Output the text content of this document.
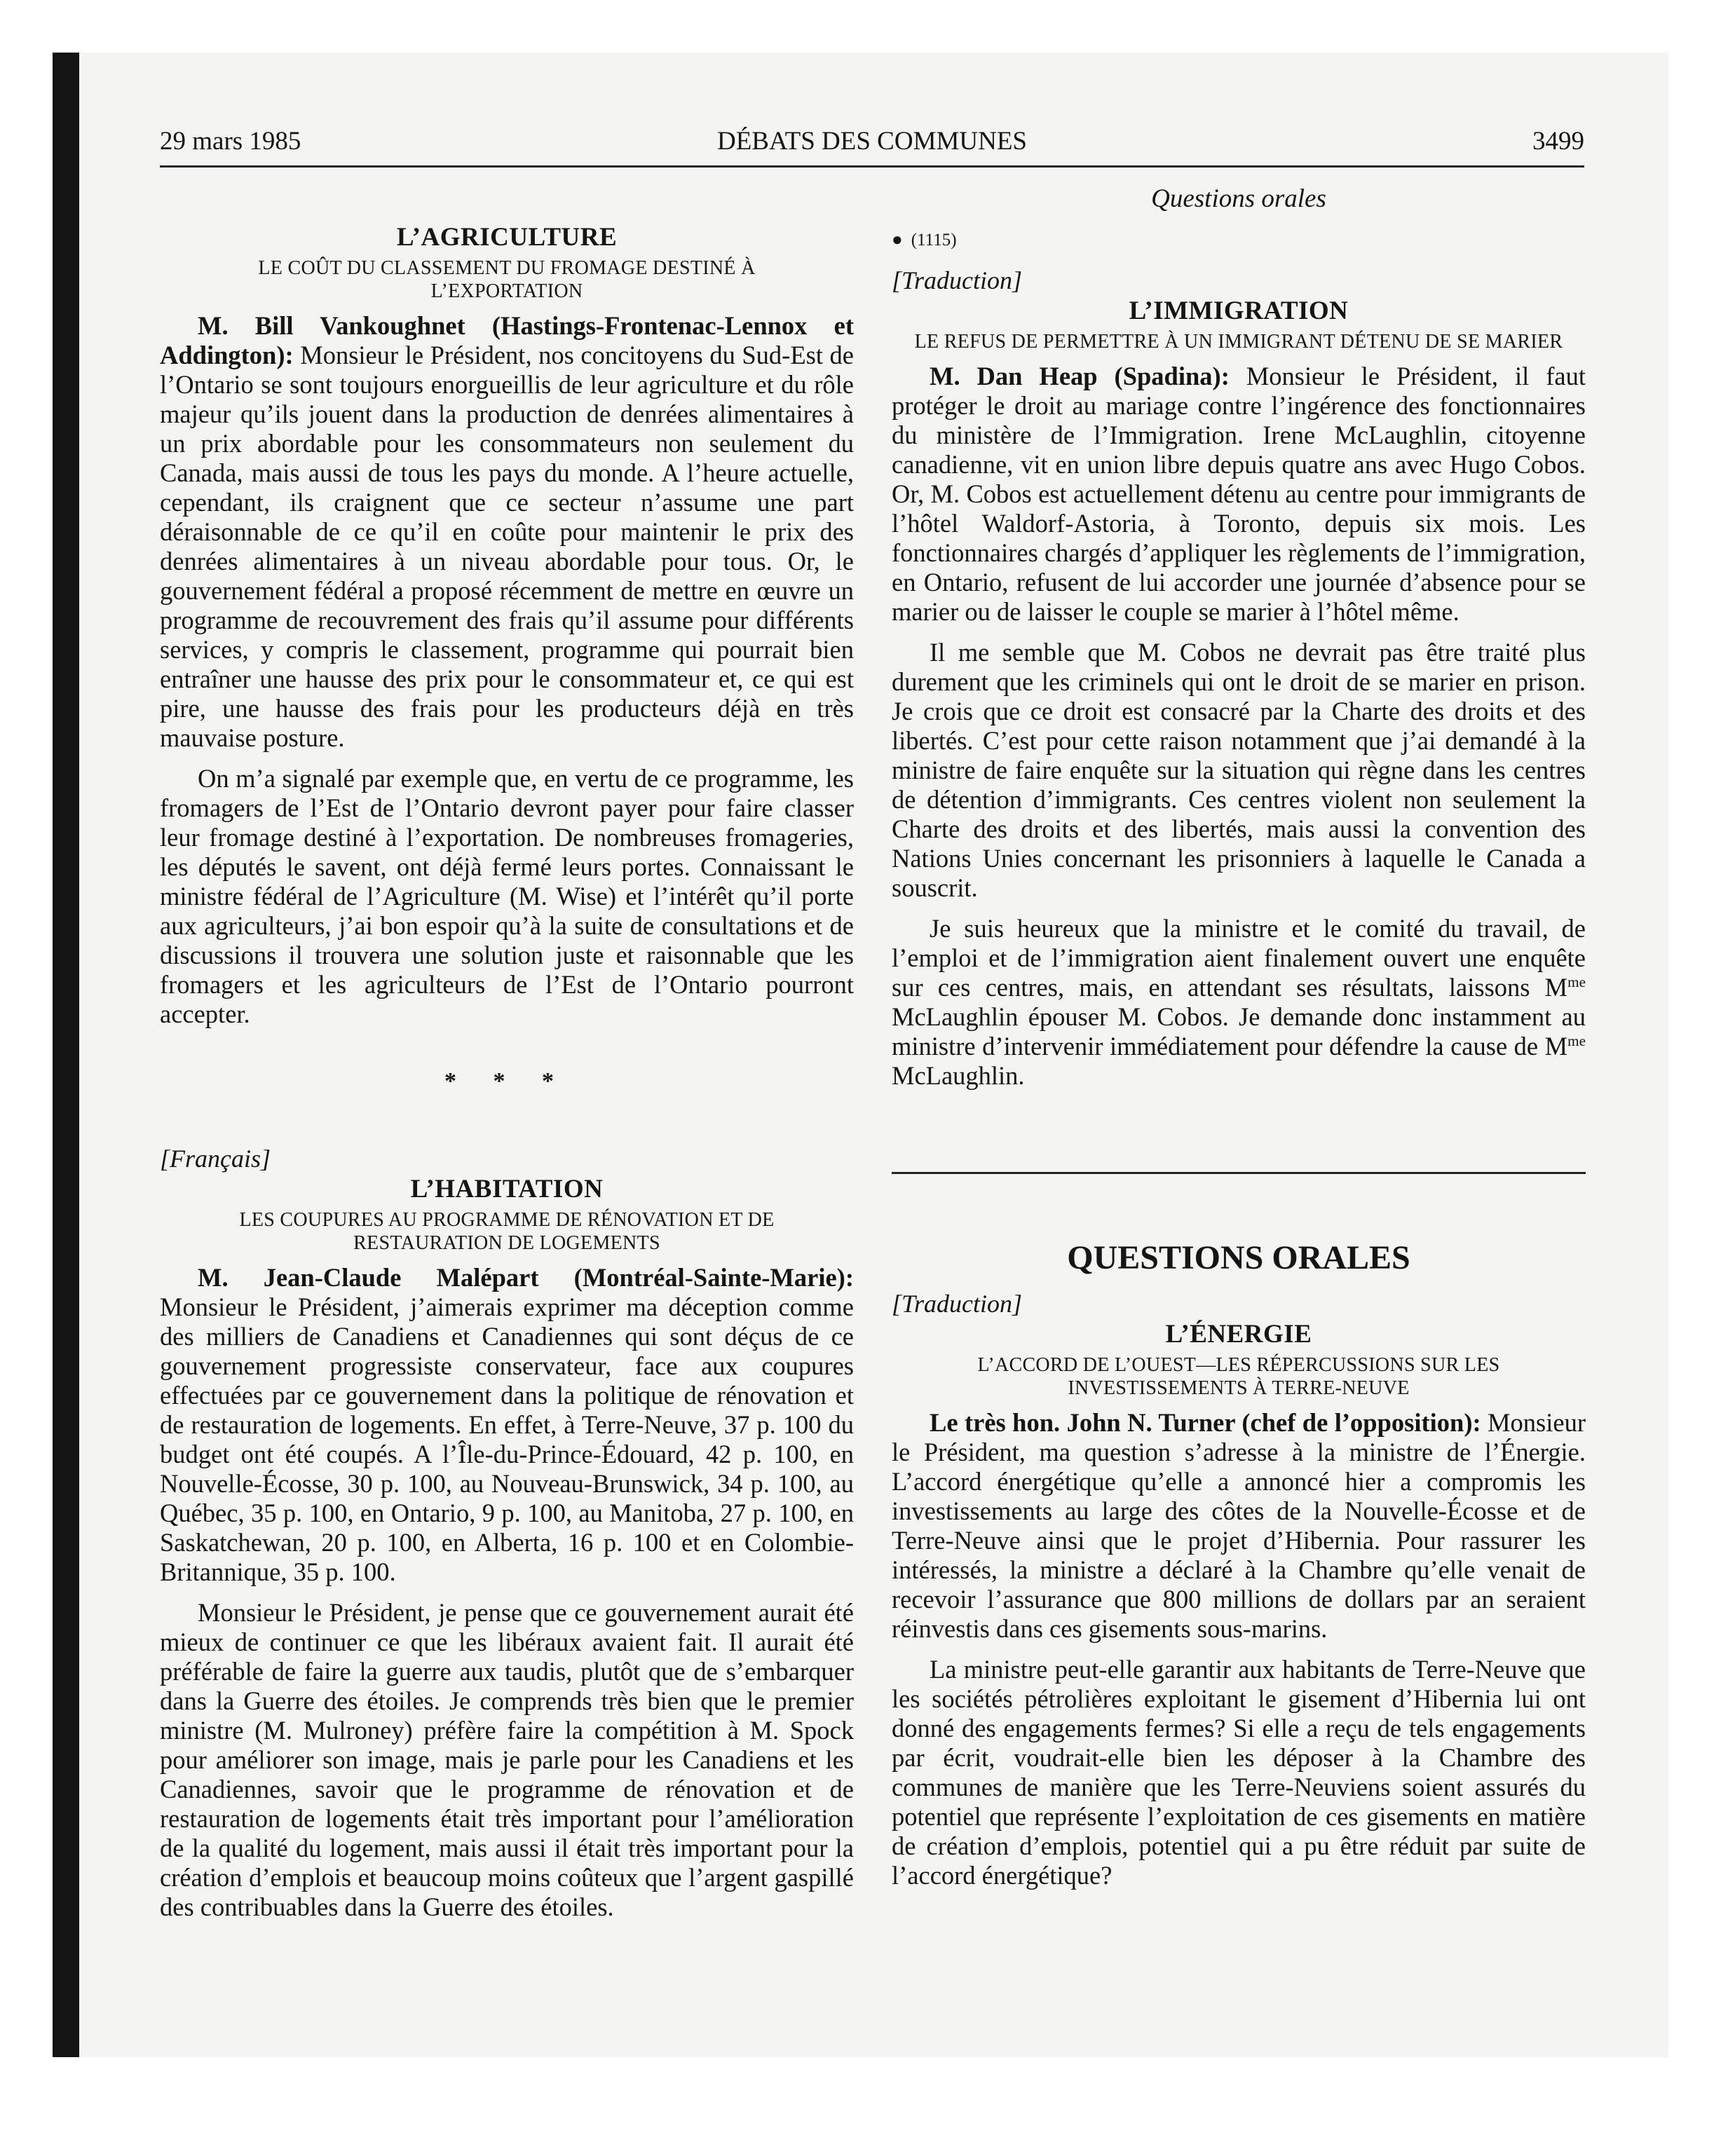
DÉBATS DES COMMUNES
29 mars 1985	3499

L’AGRICULTURE

LE COÛT DU CLASSEMENT DU FROMAGE DESTINÉ À L’EXPORTATION

M. Bill Vankoughnet (Hastings-Frontenac-Lennox et Addington): Monsieur le Président, nos concitoyens du Sud-Est de l’Ontario se sont toujours enorgueillis de leur agriculture et du rôle majeur qu’ils jouent dans la production de denrées alimentaires à un prix abordable pour les consommateurs non seulement du Canada, mais aussi de tous les pays du monde. A l’heure actuelle, cependant, ils craignent que ce secteur n’assume une part déraisonnable de ce qu’il en coûte pour maintenir le prix des denrées alimentaires à un niveau abordable pour tous. Or, le gouvernement fédéral a proposé récemment de mettre en œuvre un programme de recouvrement des frais qu’il assume pour différents services, y compris le classement, programme qui pourrait bien entraîner une hausse des prix pour le consommateur et, ce qui est pire, une hausse des frais pour les producteurs déjà en très mauvaise posture.

On m’a signalé par exemple que, en vertu de ce programme, les fromagers de l’Est de l’Ontario devront payer pour faire classer leur fromage destiné à l’exportation. De nombreuses fromageries, les députés le savent, ont déjà fermé leurs portes. Connaissant le ministre fédéral de l’Agriculture (M. Wise) et l’intérêt qu’il porte aux agriculteurs, j’ai bon espoir qu’à la suite de consultations et de discussions il trouvera une solution juste et raisonnable que les fromagers et les agriculteurs de l’Est de l’Ontario pourront accepter.

* * *

[Français]

L’HABITATION

LES COUPURES AU PROGRAMME DE RÉNOVATION ET DE RESTAURATION DE LOGEMENTS

M. Jean-Claude Malépart (Montréal-Sainte-Marie): Monsieur le Président, j’aimerais exprimer ma déception comme des milliers de Canadiens et Canadiennes qui sont déçus de ce gouvernement progressiste conservateur, face aux coupures effectuées par ce gouvernement dans la politique de rénovation et de restauration de logements. En effet, à Terre-Neuve, 37 p. 100 du budget ont été coupés. A l’Île-du-Prince-Édouard, 42 p. 100, en Nouvelle-Écosse, 30 p. 100, au Nouveau-Brunswick, 34 p. 100, au Québec, 35 p. 100, en Ontario, 9 p. 100, au Manitoba, 27 p. 100, en Saskatchewan, 20 p. 100, en Alberta, 16 p. 100 et en Colombie-Britannique, 35 p. 100.

Monsieur le Président, je pense que ce gouvernement aurait été mieux de continuer ce que les libéraux avaient fait. Il aurait été préférable de faire la guerre aux taudis, plutôt que de s’embarquer dans la Guerre des étoiles. Je comprends très bien que le premier ministre (M. Mulroney) préfère faire la compétition à M. Spock pour améliorer son image, mais je parle pour les Canadiens et les Canadiennes, savoir que le programme de rénovation et de restauration de logements était très important pour l’amélioration de la qualité du logement, mais aussi il était très important pour la création d’emplois et beaucoup moins coûteux que l’argent gaspillé des contribuables dans la Guerre des étoiles.

Questions orales
● (1115)

[Traduction]

L’IMMIGRATION

LE REFUS DE PERMETTRE À UN IMMIGRANT DÉTENU DE SE MARIER

M. Dan Heap (Spadina): Monsieur le Président, il faut protéger le droit au mariage contre l’ingérence des fonctionnaires du ministère de l’Immigration. Irene McLaughlin, citoyenne canadienne, vit en union libre depuis quatre ans avec Hugo Cobos. Or, M. Cobos est actuellement détenu au centre pour immigrants de l’hôtel Waldorf-Astoria, à Toronto, depuis six mois. Les fonctionnaires chargés d’appliquer les règlements de l’immigration, en Ontario, refusent de lui accorder une journée d’absence pour se marier ou de laisser le couple se marier à l’hôtel même.

Il me semble que M. Cobos ne devrait pas être traité plus durement que les criminels qui ont le droit de se marier en prison. Je crois que ce droit est consacré par la Charte des droits et des libertés. C’est pour cette raison notamment que j’ai demandé à la ministre de faire enquête sur la situation qui règne dans les centres de détention d’immigrants. Ces centres violent non seulement la Charte des droits et des libertés, mais aussi la convention des Nations Unies concernant les prisonniers à laquelle le Canada a souscrit.

Je suis heureux que la ministre et le comité du travail, de l’emploi et de l’immigration aient finalement ouvert une enquête sur ces centres, mais, en attendant ses résultats, laissons $M^{me}$ McLaughlin épouser M. Cobos. Je demande donc instamment au ministre d’intervenir immédiatement pour défendre la cause de $M^{me}$ McLaughlin.

QUESTIONS ORALES

[Traduction]

L’ÉNERGIE

L’ACCORD DE L’OUEST—LES RÉPERCUSSIONS SUR LES INVESTISSEMENTS À TERRE-NEUVE

Le très hon. John N. Turner (chef de l’opposition): Monsieur le Président, ma question s’adresse à la ministre de l’Énergie. L’accord énergétique qu’elle a annoncé hier a compromis les investissements au large des côtes de la Nouvelle-Écosse et de Terre-Neuve ainsi que le projet d’Hibernia. Pour rassurer les intéressés, la ministre a déclaré à la Chambre qu’elle venait de recevoir l’assurance que 800 millions de dollars par an seraient réinvestis dans ces gisements sous-marins.

La ministre peut-elle garantir aux habitants de Terre-Neuve que les sociétés pétrolières exploitant le gisement d’Hibernia lui ont donné des engagements fermes? Si elle a reçu de tels engagements par écrit, voudrait-elle bien les déposer à la Chambre des communes de manière que les Terre-Neuviens soient assurés du potentiel que représente l’exploitation de ces gisements en matière de création d’emplois, potentiel qui a pu être réduit par suite de l’accord énergétique?
